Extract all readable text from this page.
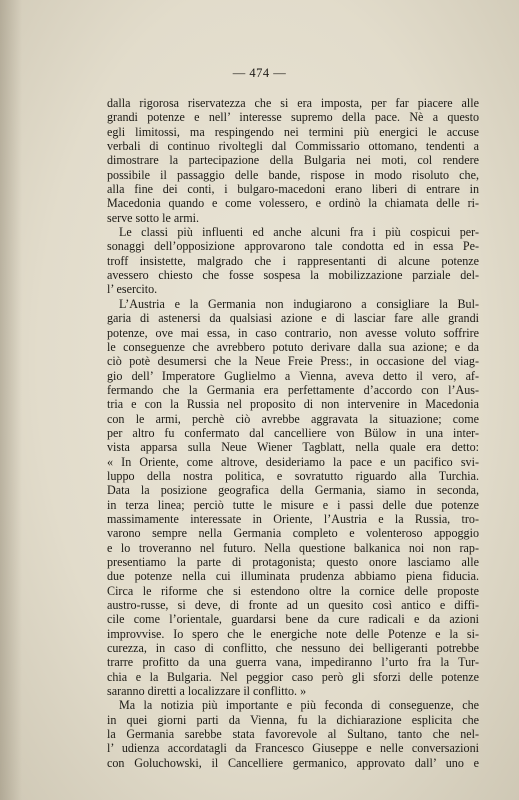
— 474 —
dalla rigorosa riservatezza che si era imposta, per far piacere alle
grandi potenze e nell’ interesse supremo della pace. Nè a questo
egli limitossi, ma respingendo nei termini più energici le accuse
verbali di continuo rivoltegli dal Commissario ottomano, tendenti a
dimostrare la partecipazione della Bulgaria nei moti, col rendere
possibile il passaggio delle bande, rispose in modo risoluto che,
alla fine dei conti, i bulgaro-macedoni erano liberi di entrare in
Macedonia quando e come volessero, e ordinò la chiamata delle ri-
serve sotto le armi.
Le classi più influenti ed anche alcuni fra i più cospicui per-
sonaggi dell’opposizione approvarono tale condotta ed in essa Pe-
troff insistette, malgrado che i rappresentanti di alcune potenze
avessero chiesto che fosse sospesa la mobilizzazione parziale del-
l’ esercito.
L’Austria e la Germania non indugiarono a consigliare la Bul-
garia di astenersi da qualsiasi azione e di lasciar fare alle grandi
potenze, ove mai essa, in caso contrario, non avesse voluto soffrire
le conseguenze che avrebbero potuto derivare dalla sua azione; e da
ciò potè desumersi che la Neue Freie Press:, in occasione del viag-
gio dell’ Imperatore Guglielmo a Vienna, aveva detto il vero, af-
fermando che la Germania era perfettamente d’accordo con l’Aus-
tria e con la Russia nel proposito di non intervenire in Macedonia
con le armi, perchè ciò avrebbe aggravata la situazione; come
per altro fu confermato dal cancelliere von Bülow in una inter-
vista apparsa sulla Neue Wiener Tagblatt, nella quale era detto:
« In Oriente, come altrove, desideriamo la pace e un pacifico svi-
luppo della nostra politica, e sovratutto riguardo alla Turchia.
Data la posizione geografica della Germania, siamo in seconda,
in terza linea; perciò tutte le misure e i passi delle due potenze
massimamente interessate in Oriente, l’Austria e la Russia, tro-
varono sempre nella Germania completo e volenteroso appoggio
e lo troveranno nel futuro. Nella questione balkanica noi non rap-
presentiamo la parte di protagonista; questo onore lasciamo alle
due potenze nella cui illuminata prudenza abbiamo piena fiducia.
Circa le riforme che si estendono oltre la cornice delle proposte
austro-russe, si deve, di fronte ad un quesito così antico e diffi-
cile come l’orientale, guardarsi bene da cure radicali e da azioni
improvvise. Io spero che le energiche note delle Potenze e la si-
curezza, in caso di conflitto, che nessuno dei belligeranti potrebbe
trarre profitto da una guerra vana, impediranno l’urto fra la Tur-
chia e la Bulgaria. Nel peggior caso però gli sforzi delle potenze
saranno diretti a localizzare il conflitto. »
Ma la notizia più importante e più feconda di conseguenze, che
in quei giorni parti da Vienna, fu la dichiarazione esplicita che
la Germania sarebbe stata favorevole al Sultano, tanto che nel-
l’ udienza accordatagli da Francesco Giuseppe e nelle conversazioni
con Goluchowski, il Cancelliere germanico, approvato dall’ uno e
